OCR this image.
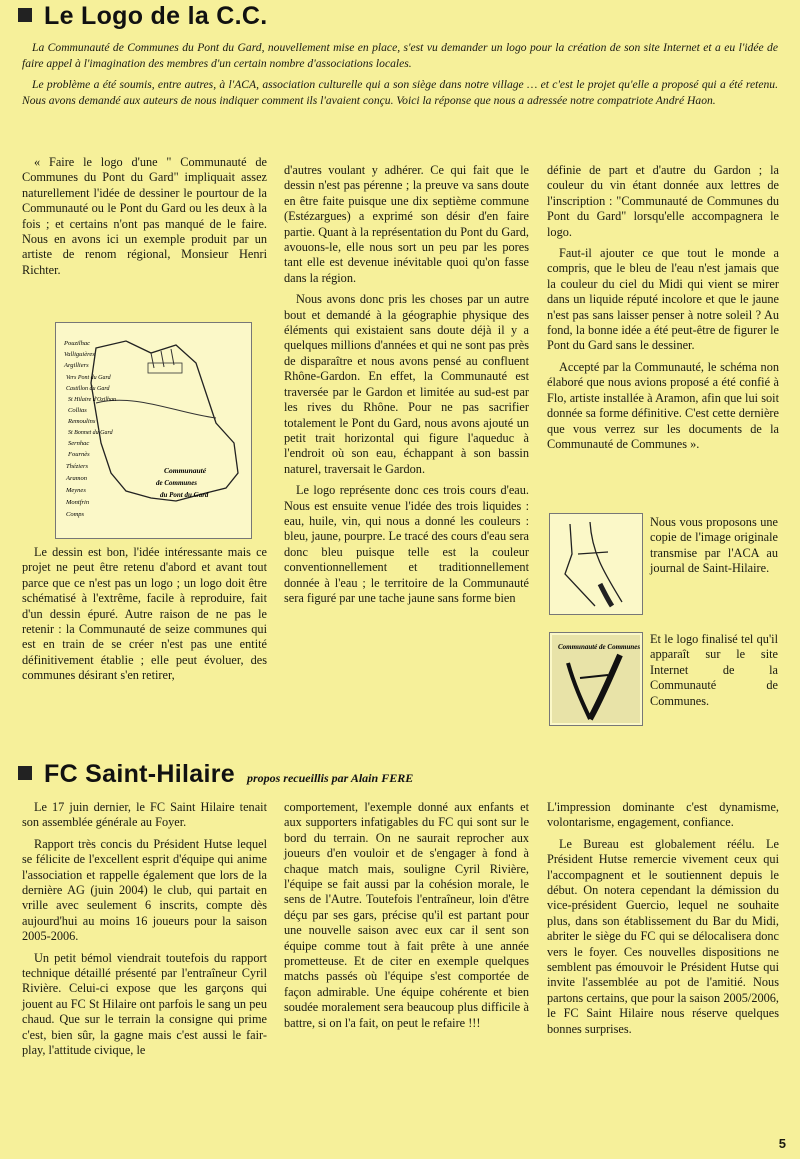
Le Logo de la C.C.

La Communauté de Communes du Pont du Gard, nouvellement mise en place, s'est vu demander un logo pour la création de son site Internet et a eu l'idée de faire appel à l'imagination des membres d'un certain nombre d'associations locales.

Le problème a été soumis, entre autres, à l'ACA, association culturelle qui a son siège dans notre village … et c'est le projet qu'elle a proposé qui a été retenu. Nous avons demandé aux auteurs de nous indiquer comment ils l'avaient conçu. Voici la réponse que nous a adressée notre compatriote André Haon.

« Faire le logo d'une " Communauté de Communes du Pont du Gard" impliquait assez naturellement l'idée de dessiner le pourtour de la Communauté ou le Pont du Gard ou les deux à la fois ; et certains n'ont pas manqué de le faire. Nous en avons ici un exemple produit par un artiste de renom régional, Monsieur Henri Richter.

Pouzilhac
Valliguières
Argilliers
Vers Pont du Gard
Castillon du Gard
St Hilaire d'Ozilhan
Collias
Remoulins
St Bonnet du Gard
Sernhac
Fournès
Théziers
Aramon
Meynes
Montfrin
Comps
Communauté
de Communes
du Pont du Gard

Le dessin est bon, l'idée intéressante mais ce projet ne peut être retenu d'abord et avant tout parce que ce n'est pas un logo ; un logo doit être schématisé à l'extrême, facile à reproduire, fait d'un dessin épuré. Autre raison de ne pas le retenir : la Communauté de seize communes qui est en train de se créer n'est pas une entité définitivement établie ; elle peut évoluer, des communes désirant s'en retirer,

d'autres voulant y adhérer. Ce qui fait que le dessin n'est pas pérenne ; la preuve va sans doute en être faite puisque une dix septième commune (Estézargues) a exprimé son désir d'en faire partie. Quant à la représentation du Pont du Gard, avouons-le, elle nous sort un peu par les pores tant elle est devenue inévitable quoi qu'on fasse dans la région.

Nous avons donc pris les choses par un autre bout et demandé à la géographie physique des éléments qui existaient sans doute déjà il y a quelques millions d'années et qui ne sont pas près de disparaître et nous avons pensé au confluent Rhône-Gardon. En effet, la Communauté est traversée par le Gardon et limitée au sud-est par les rives du Rhône. Pour ne pas sacrifier totalement le Pont du Gard, nous avons ajouté un petit trait horizontal qui figure l'aqueduc à l'endroit où son eau, échappant à son bassin naturel, traversait le Gardon.

Le logo représente donc ces trois cours d'eau. Nous est ensuite venue l'idée des trois liquides : eau, huile, vin, qui nous a donné les couleurs : bleu, jaune, pourpre. Le tracé des cours d'eau sera donc bleu puisque telle est la couleur conventionnellement et traditionnellement donnée à l'eau ; le territoire de la Communauté sera figuré par une tache jaune sans forme bien

définie de part et d'autre du Gardon ; la couleur du vin étant donnée aux lettres de l'inscription : "Communauté de Communes du Pont du Gard" lorsqu'elle accompagnera le logo.

Faut-il ajouter ce que tout le monde a compris, que le bleu de l'eau n'est jamais que la couleur du ciel du Midi qui vient se mirer dans un liquide réputé incolore et que le jaune n'est pas sans laisser penser à notre soleil ? Au fond, la bonne idée a été peut-être de figurer le Pont du Gard sans le dessiner.

Accepté par la Communauté, le schéma non élaboré que nous avions proposé a été confié à Flo, artiste installée à Aramon, afin que lui soit donnée sa forme définitive. C'est cette dernière que vous verrez sur les documents de la Communauté de Communes ».

Nous vous proposons une copie de l'image originale transmise par l'ACA au journal de Saint-Hilaire.

Communauté de Communes

Et le logo finalisé tel qu'il apparaît sur le site Internet de la Communauté de Communes.

FC Saint-Hilaire propos recueillis par Alain FERE

Le 17 juin dernier, le FC Saint Hilaire tenait son assemblée générale au Foyer.

Rapport très concis du Président Hutse lequel se félicite de l'excellent esprit d'équipe qui anime l'association et rappelle également que lors de la dernière AG (juin 2004) le club, qui partait en vrille avec seulement 6 inscrits, compte dès aujourd'hui au moins 16 joueurs pour la saison 2005-2006.

Un petit bémol viendrait toutefois du rapport technique détaillé présenté par l'entraîneur Cyril Rivière. Celui-ci expose que les garçons qui jouent au FC St Hilaire ont parfois le sang un peu chaud. Que sur le terrain la consigne qui prime c'est, bien sûr, la gagne mais c'est aussi le fair-play, l'attitude civique, le

comportement, l'exemple donné aux enfants et aux supporters infatigables du FC qui sont sur le bord du terrain. On ne saurait reprocher aux joueurs d'en vouloir et de s'engager à fond à chaque match mais, souligne Cyril Rivière, l'équipe se fait aussi par la cohésion morale, le sens de l'Autre. Toutefois l'entraîneur, loin d'être déçu par ses gars, précise qu'il est partant pour une nouvelle saison avec eux car il sent son équipe comme tout à fait prête à une année prometteuse. Et de citer en exemple quelques matchs passés où l'équipe s'est comportée de façon admirable. Une équipe cohérente et bien soudée moralement sera beaucoup plus difficile à battre, si on l'a fait, on peut le refaire !!!

L'impression dominante c'est dynamisme, volontarisme, engagement, confiance.

Le Bureau est globalement réélu. Le Président Hutse remercie vivement ceux qui l'accompagnent et le soutiennent depuis le début. On notera cependant la démission du vice-président Guercio, lequel ne souhaite plus, dans son établissement du Bar du Midi, abriter le siège du FC qui se délocalisera donc vers le foyer. Ces nouvelles dispositions ne semblent pas émouvoir le Président Hutse qui invite l'assemblée au pot de l'amitié. Nous partons certains, que pour la saison 2005/2006, le FC Saint Hilaire nous réserve quelques bonnes surprises.

5
